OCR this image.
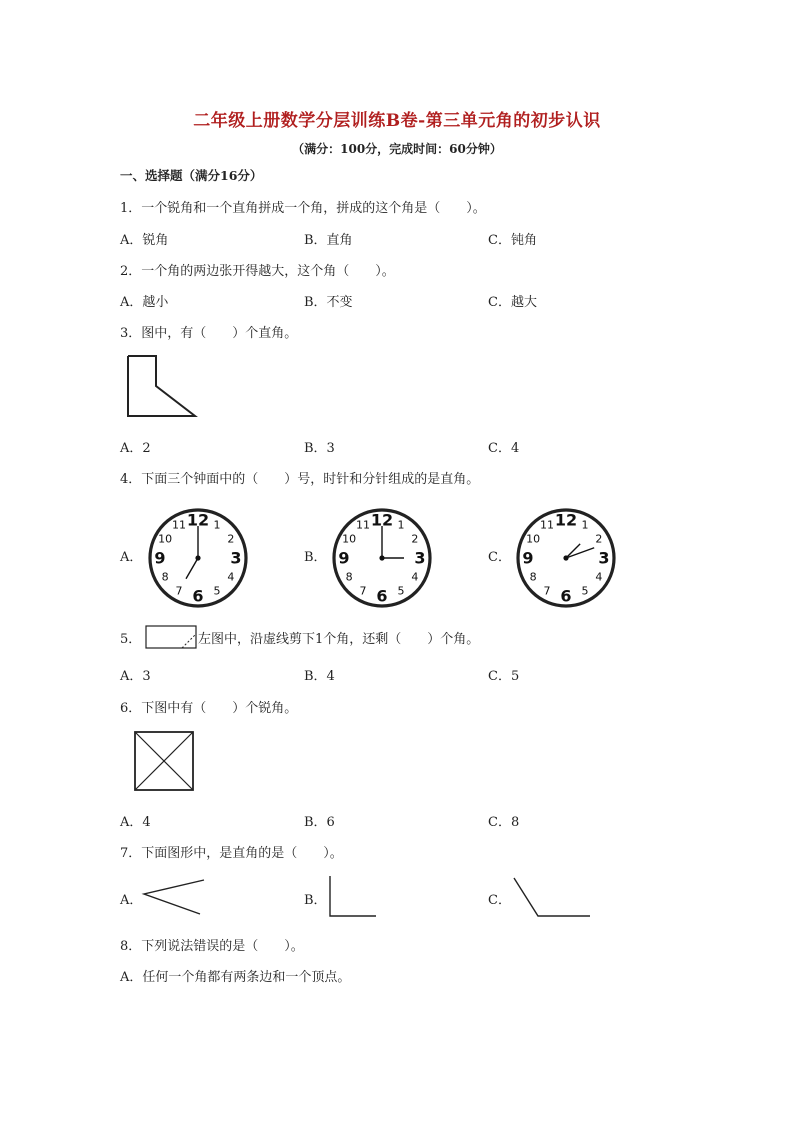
二年级上册数学分层训练B卷-第三单元角的初步认识
（满分：100分，完成时间：60分钟）
一、选择题（满分16分）
1．一个锐角和一个直角拼成一个角，拼成的这个角是（　　）。
A．锐角	B．直角	C．钝角
2．一个角的两边张开得越大，这个角（　　）。
A．越小	B．不变	C．越大
3．图中，有（　　）个直角。
A．2	B．3	C．4
4．下面三个钟面中的（　　）号，时针和分针组成的是直角。
A．	B．	C．
12 1
2
3
4
5
6
7
8
9
10
11	12 1
2
3
4
5
6
7
8
9
10
11	12 1
2
3
4
5
6
7
8
9
10
11
5．	左图中，沿虚线剪下1个角，还剩（　　）个角。
A．3	B．4	C．5
6．下图中有（　　）个锐角。
A．4	B．6	C．8
7．下面图形中，是直角的是（　　）。
A．	B．	C．
8．下列说法错误的是（　　）。
A．任何一个角都有两条边和一个顶点。
